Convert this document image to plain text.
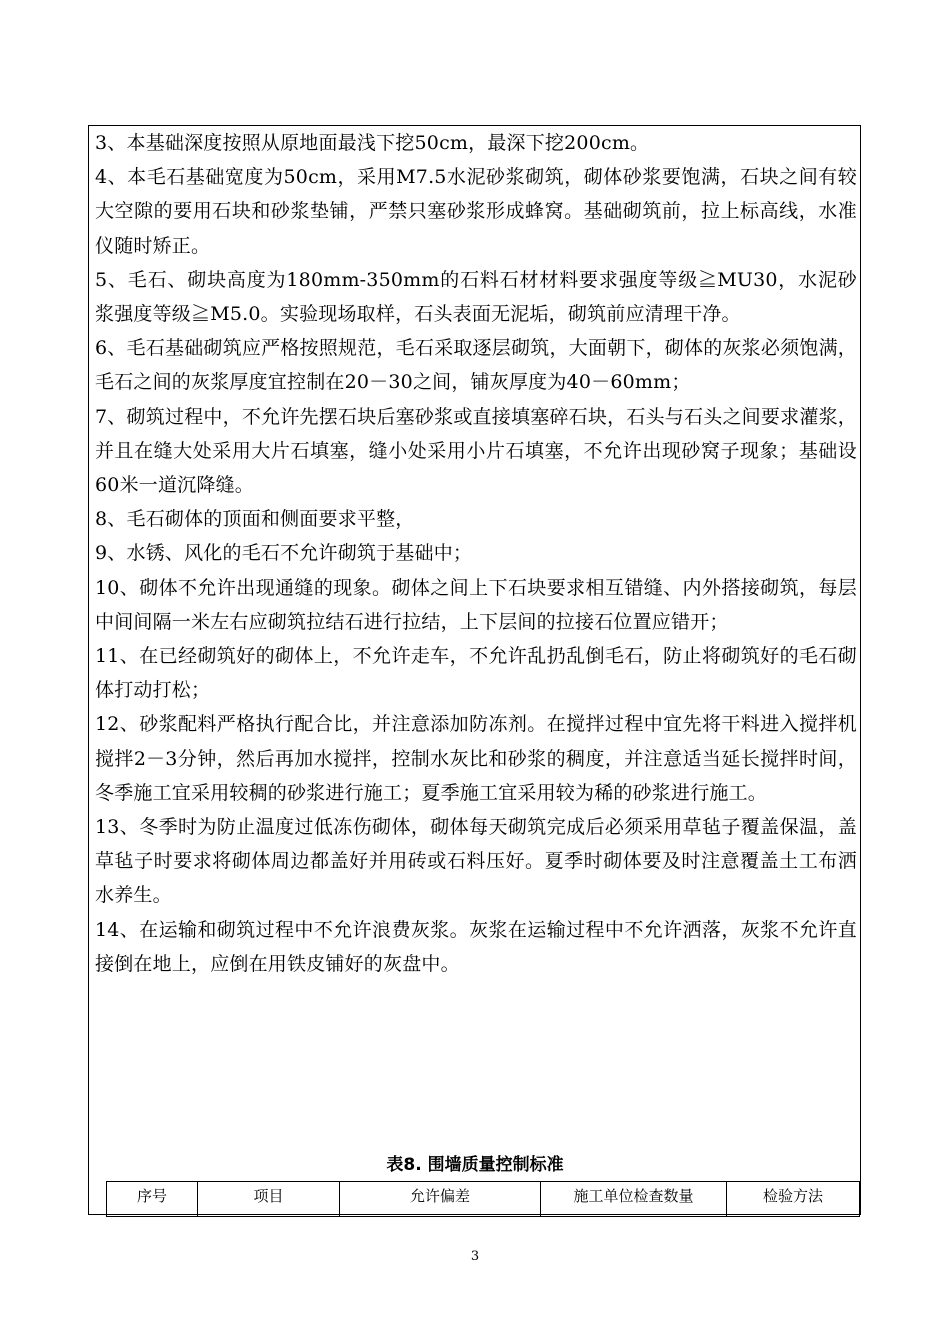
3、本基础深度按照从原地面最浅下挖50cm，最深下挖200cm。

4、本毛石基础宽度为50cm，采用M7.5水泥砂浆砌筑，砌体砂浆要饱满，石块之间有较大空隙的要用石块和砂浆垫铺，严禁只塞砂浆形成蜂窝。基础砌筑前，拉上标高线，水准仪随时矫正。

5、毛石、砌块高度为180mm-350mm的石料石材材料要求强度等级≧MU30，水泥砂浆强度等级≧M5.0。实验现场取样，石头表面无泥垢，砌筑前应清理干净。

6、毛石基础砌筑应严格按照规范，毛石采取逐层砌筑，大面朝下，砌体的灰浆必须饱满，毛石之间的灰浆厚度宜控制在20－30之间，铺灰厚度为40－60mm；

7、砌筑过程中，不允许先摆石块后塞砂浆或直接填塞碎石块，石头与石头之间要求灌浆，并且在缝大处采用大片石填塞，缝小处采用小片石填塞，不允许出现砂窝子现象；基础设60米一道沉降缝。

8、毛石砌体的顶面和侧面要求平整，

9、水锈、风化的毛石不允许砌筑于基础中；

10、砌体不允许出现通缝的现象。砌体之间上下石块要求相互错缝、内外搭接砌筑，每层中间间隔一米左右应砌筑拉结石进行拉结，上下层间的拉接石位置应错开；

11、在已经砌筑好的砌体上，不允许走车，不允许乱扔乱倒毛石，防止将砌筑好的毛石砌体打动打松；

12、砂浆配料严格执行配合比，并注意添加防冻剂。在搅拌过程中宜先将干料进入搅拌机搅拌2－3分钟，然后再加水搅拌，控制水灰比和砂浆的稠度，并注意适当延长搅拌时间，冬季施工宜采用较稠的砂浆进行施工；夏季施工宜采用较为稀的砂浆进行施工。

13、冬季时为防止温度过低冻伤砌体，砌体每天砌筑完成后必须采用草毡子覆盖保温，盖草毡子时要求将砌体周边都盖好并用砖或石料压好。夏季时砌体要及时注意覆盖土工布洒水养生。

14、在运输和砌筑过程中不允许浪费灰浆。灰浆在运输过程中不允许洒落，灰浆不允许直接倒在地上，应倒在用铁皮铺好的灰盘中。

表8. 围墙质量控制标准
序号	项目	允许偏差	施工单位检查数量	检验方法
3
